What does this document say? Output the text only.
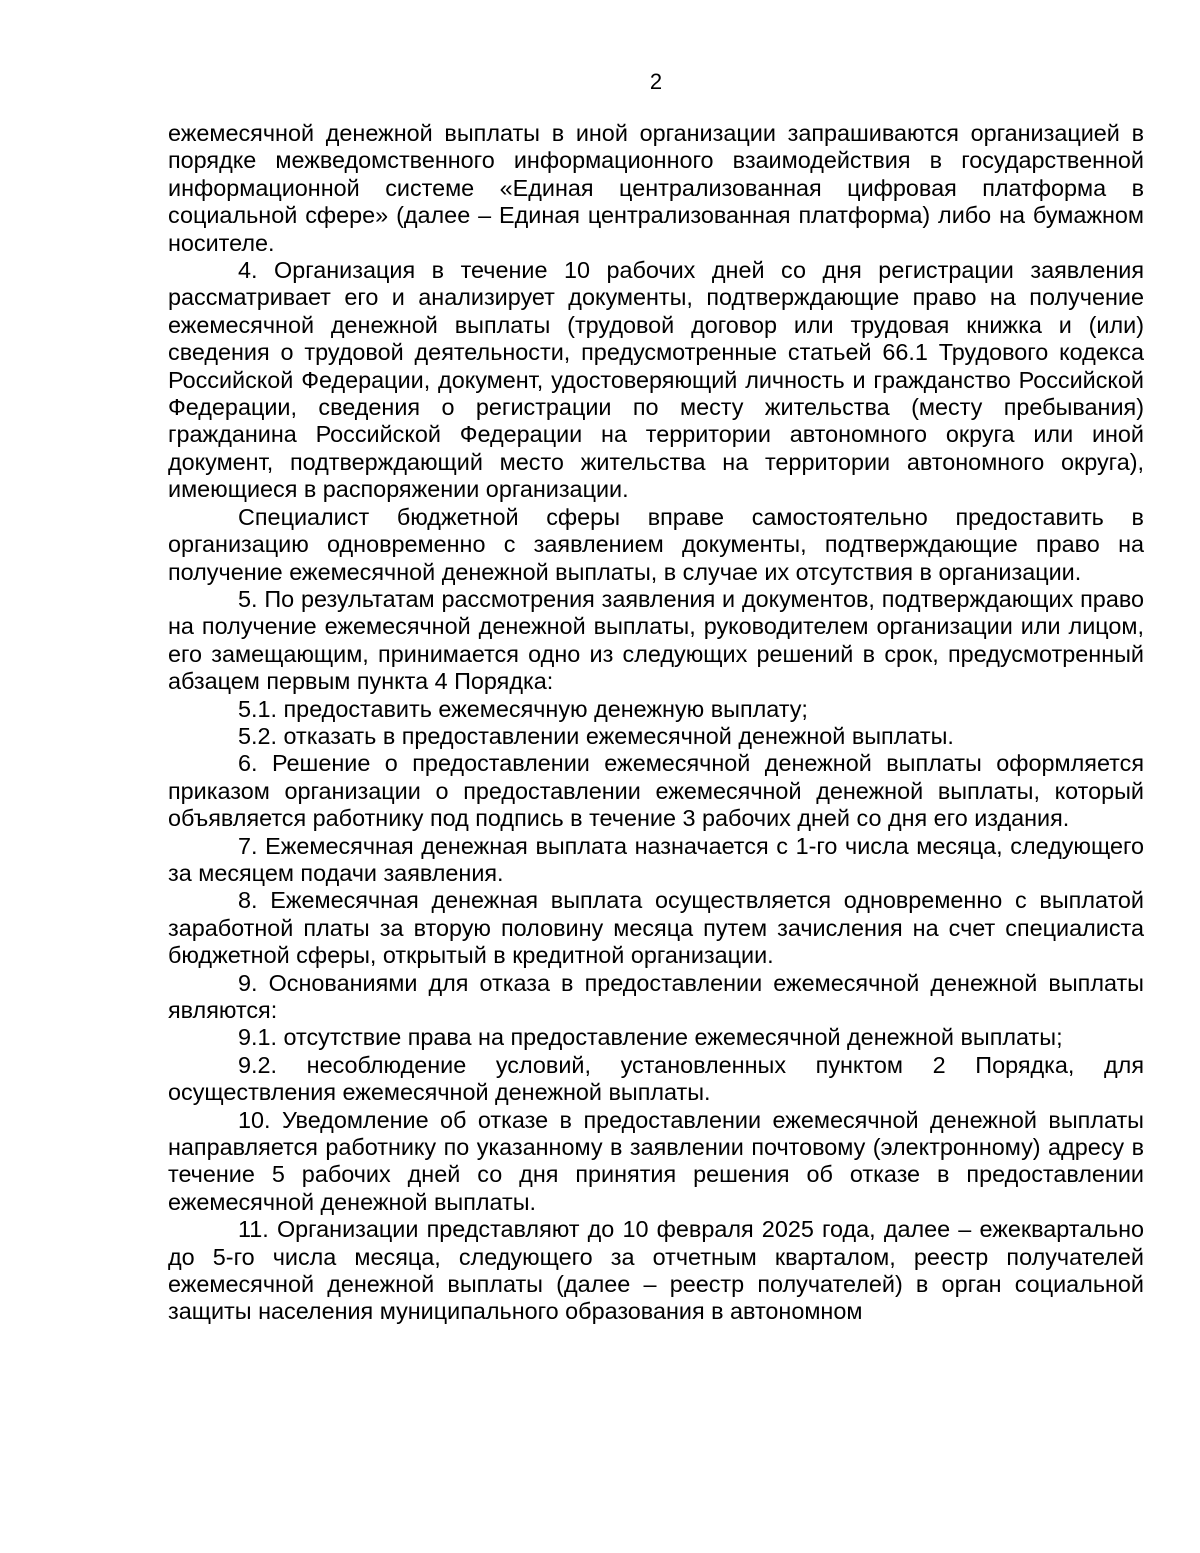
2

ежемесячной денежной выплаты в иной организации запрашиваются организацией в порядке межведомственного информационного взаимодействия в государственной информационной системе «Единая централизованная цифровая платформа в социальной сфере» (далее – Единая централизованная платформа) либо на бумажном носителе.

4. Организация в течение 10 рабочих дней со дня регистрации заявления рассматривает его и анализирует документы, подтверждающие право на получение ежемесячной денежной выплаты (трудовой договор или трудовая книжка и (или) сведения о трудовой деятельности, предусмотренные статьей 66.1 Трудового кодекса Российской Федерации, документ, удостоверяющий личность и гражданство Российской Федерации, сведения о регистрации по месту жительства (месту пребывания) гражданина Российской Федерации на территории автономного округа или иной документ, подтверждающий место жительства на территории автономного округа), имеющиеся в распоряжении организации.

Специалист бюджетной сферы вправе самостоятельно предоставить в организацию одновременно с заявлением документы, подтверждающие право на получение ежемесячной денежной выплаты, в случае их отсутствия в организации.

5. По результатам рассмотрения заявления и документов, подтверждающих право на получение ежемесячной денежной выплаты, руководителем организации или лицом, его замещающим, принимается одно из следующих решений в срок, предусмотренный абзацем первым пункта 4 Порядка:

5.1. предоставить ежемесячную денежную выплату;

5.2. отказать в предоставлении ежемесячной денежной выплаты.

6. Решение о предоставлении ежемесячной денежной выплаты оформляется приказом организации о предоставлении ежемесячной денежной выплаты, который объявляется работнику под подпись в течение 3 рабочих дней со дня его издания.

7. Ежемесячная денежная выплата назначается с 1-го числа месяца, следующего за месяцем подачи заявления.

8. Ежемесячная денежная выплата осуществляется одновременно с выплатой заработной платы за вторую половину месяца путем зачисления на счет специалиста бюджетной сферы, открытый в кредитной организации.

9. Основаниями для отказа в предоставлении ежемесячной денежной выплаты являются:

9.1. отсутствие права на предоставление ежемесячной денежной выплаты;

9.2. несоблюдение условий, установленных пунктом 2 Порядка, для осуществления ежемесячной денежной выплаты.

10. Уведомление об отказе в предоставлении ежемесячной денежной выплаты направляется работнику по указанному в заявлении почтовому (электронному) адресу в течение 5 рабочих дней со дня принятия решения об отказе в предоставлении ежемесячной денежной выплаты.

11. Организации представляют до 10 февраля 2025 года, далее – ежеквартально до 5-го числа месяца, следующего за отчетным кварталом, реестр получателей ежемесячной денежной выплаты (далее – реестр получателей) в орган социальной защиты населения муниципального образования в автономном
